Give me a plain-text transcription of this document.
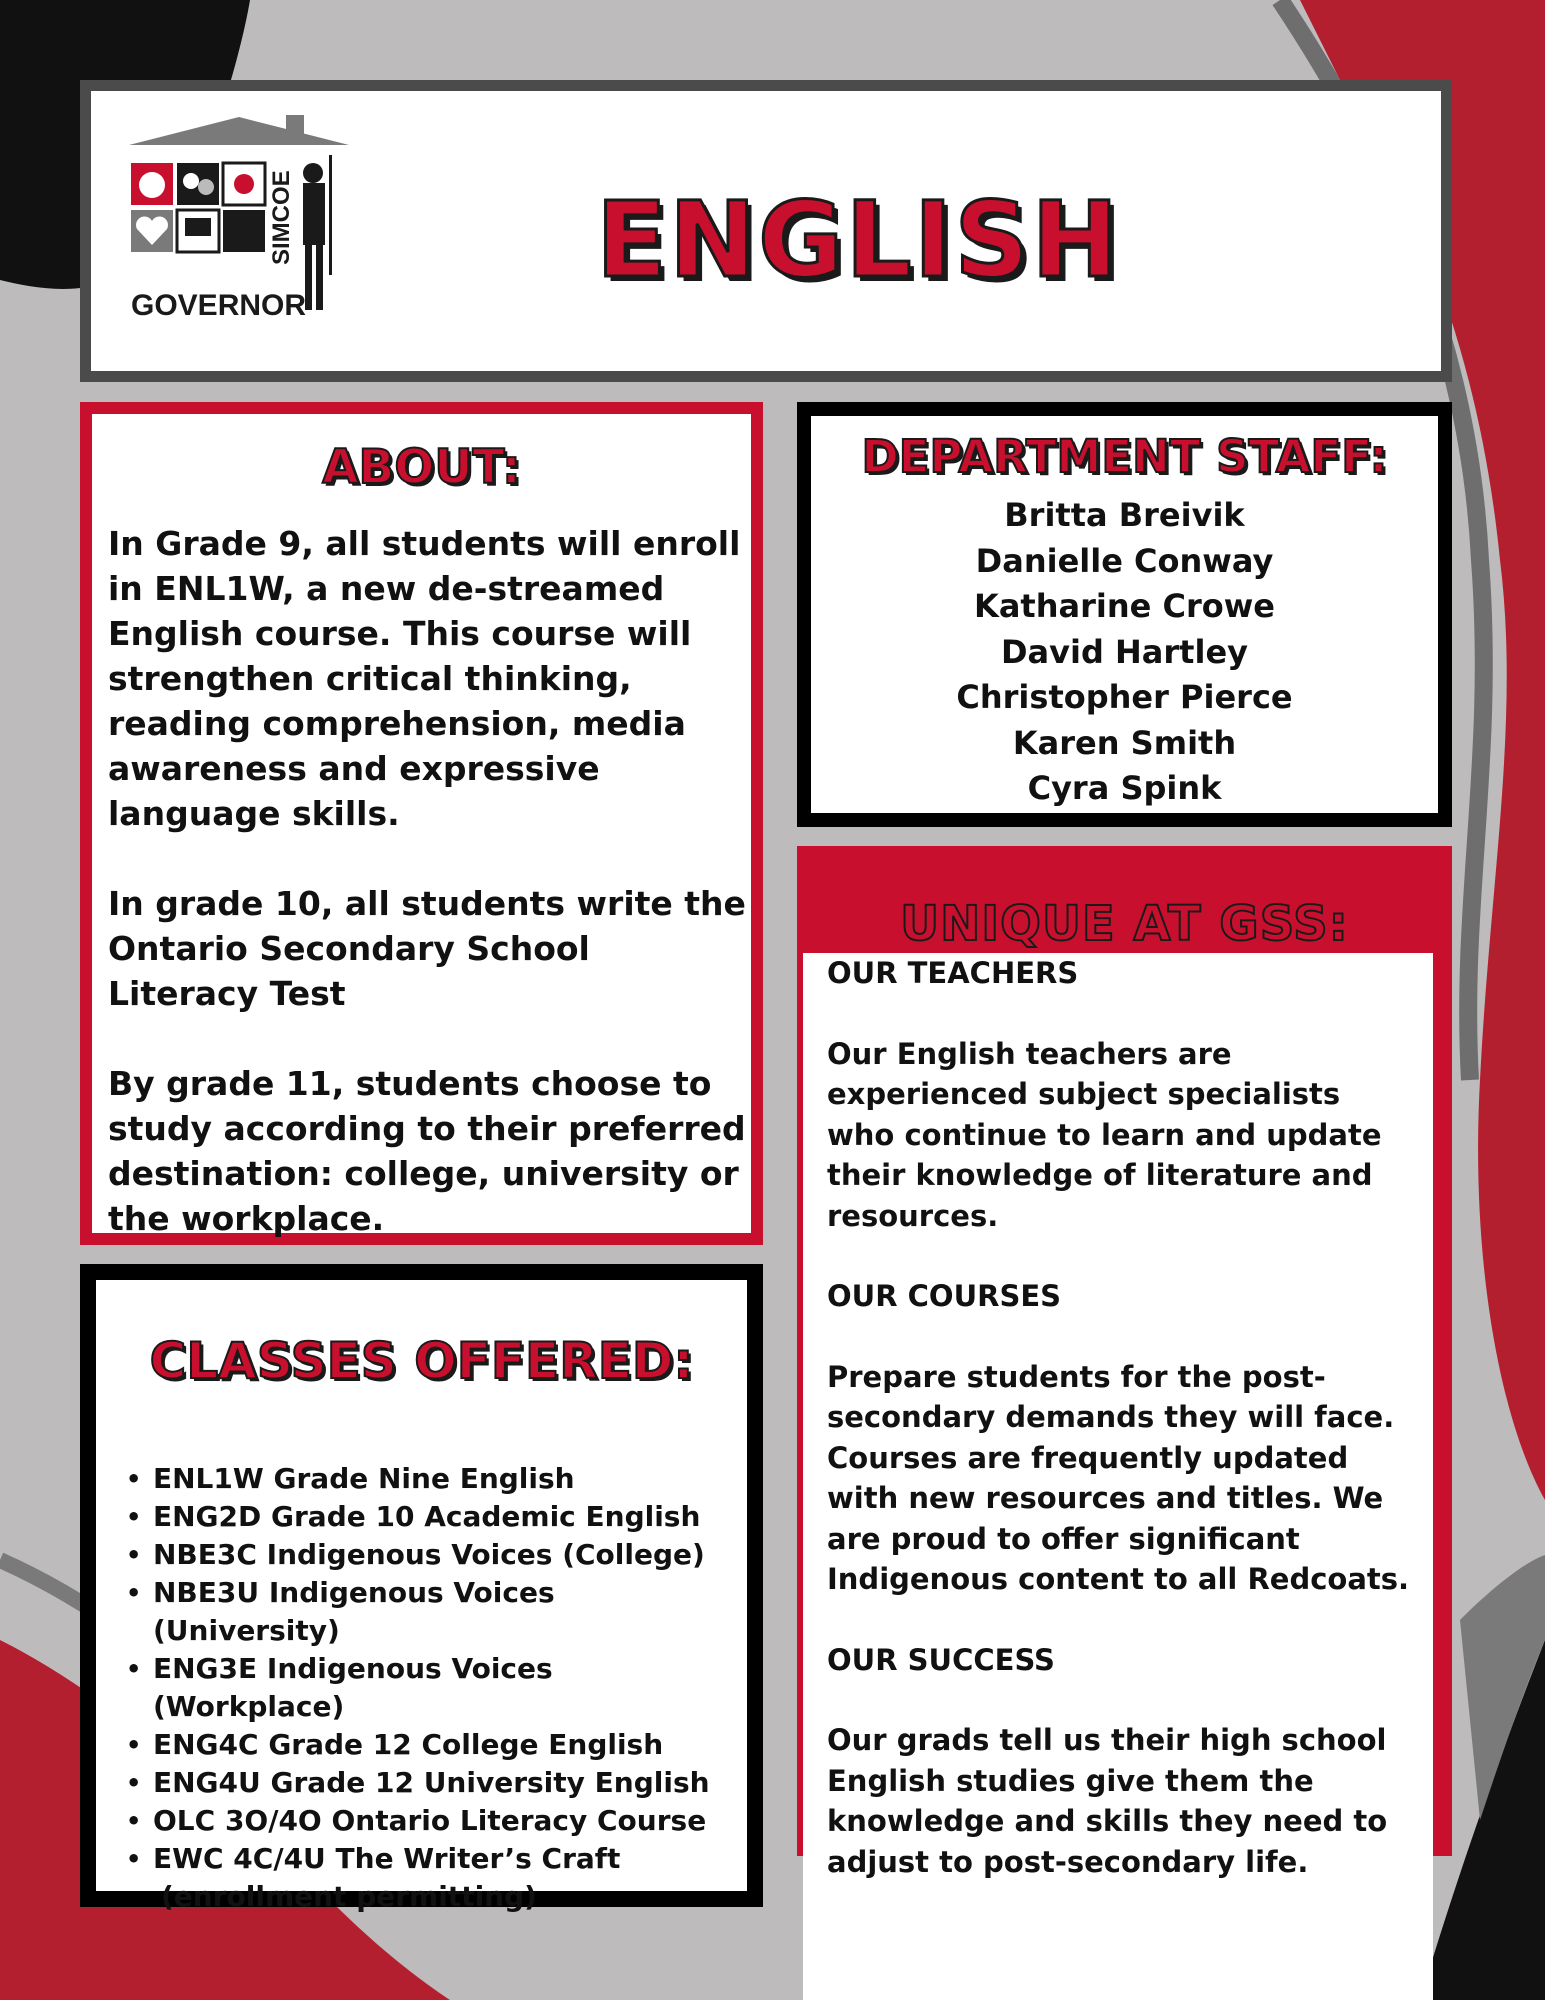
SIMCOE
GOVERNOR
ENGLISH
ABOUT:

In Grade 9, all students will enroll in ENL1W, a new de-streamed English course. This course will strengthen critical thinking, reading comprehension, media awareness and expressive language skills.

In grade 10, all students write the Ontario Secondary School Literacy Test

By grade 11, students choose to study according to their preferred destination: college, university or the workplace.

DEPARTMENT STAFF:
Britta Breivik
Danielle Conway
Katharine Crowe
David Hartley
Christopher Pierce
Karen Smith
Cyra Spink
UNIQUE AT GSS:

OUR TEACHERS

Our English teachers are experienced subject specialists who continue to learn and update their knowledge of literature and resources.

OUR COURSES

Prepare students for the post-secondary demands they will face. Courses are frequently updated with new resources and titles. We are proud to offer significant Indigenous content to all Redcoats.

OUR SUCCESS

Our grads tell us their high school English studies give them the knowledge and skills they need to adjust to post-secondary life.

CLASSES OFFERED:
• ENL1W Grade Nine English
• ENG2D Grade 10 Academic English
• NBE3C Indigenous Voices (College)
• NBE3U Indigenous Voices (University)
• ENG3E Indigenous Voices (Workplace)
• ENG4C Grade 12 College English
• ENG4U Grade 12 University English
• OLC 3O/4O Ontario Literacy Course
• EWC 4C/4U The Writer’s Craft
(enrollment permitting)
